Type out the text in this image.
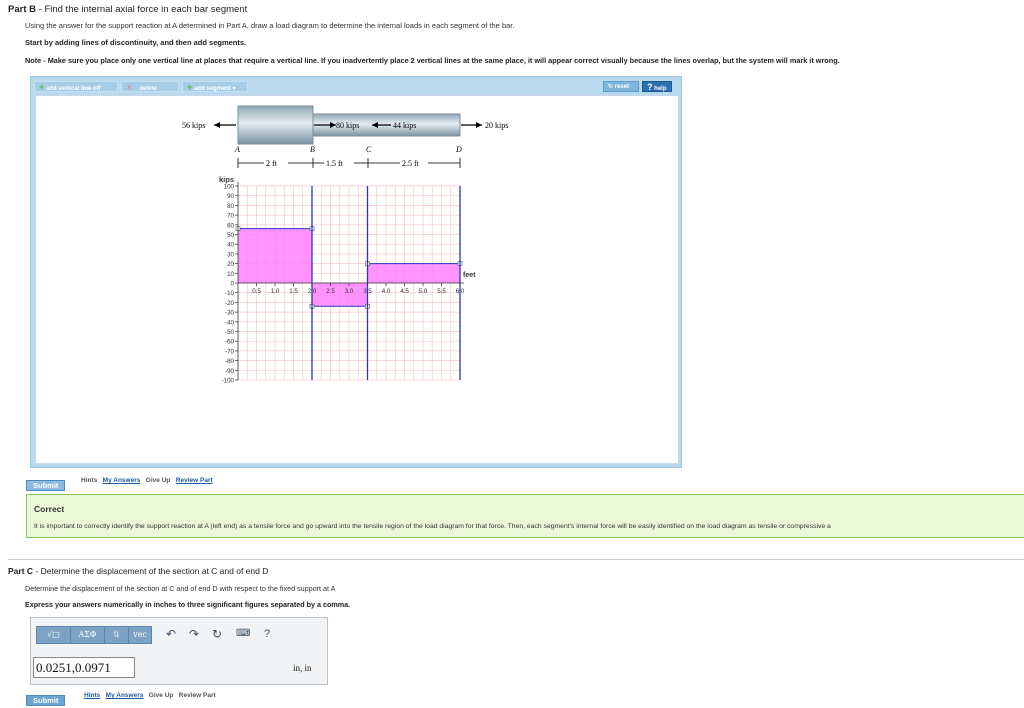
Part B - Find the internal axial force in each bar segment
Using the answer for the support reaction at A determined in Part A, draw a load diagram to determine the internal loads in each segment of the bar.
Start by adding lines of discontinuity, and then add segments.
Note - Make sure you place only one vertical line at places that require a vertical line. If you inadvertently place 2 vertical lines at the same place, it will appear correct visually because the lines overlap, but the system will mark it wrong.
+ add vertical line off	✕ delete	+ add segment ▾	↻ reset	? help
56 kips	80 kips	44 kips	20 kips
A	B	C	D
2 ft	1.5 ft	2.5 ft
100
90
80
70
60
50
40
30
20
10
0
-10
-20
-30
-40
-50
-60
-70
-80
-90
-100
0.5 1.0 1.5 2.0 2.5 3.0 3.5 4.0 4.5 5.0 5.5 6.0
kips
feet
Submit
Hints My Answers Give Up Review Part
Correct
It is important to correctly identify the support reaction at A (left end) as a tensile force and go upward into the tensile region of the load diagram for that force. Then, each segment's internal force will be easily identified on the load diagram as tensile or compressive a
Part C - Determine the displacement of the section at C and of end D
Determine the displacement of the section at C and of end D with respect to the fixed support at A
Express your answers numerically in inches to three significant figures separated by a comma.
√□	AΣΦ	⇅	vec	↶ ↷ ↻ ⌨ ?
0.0251,0.0971	in, in
Submit
Hints My Answers Give Up Review Part
